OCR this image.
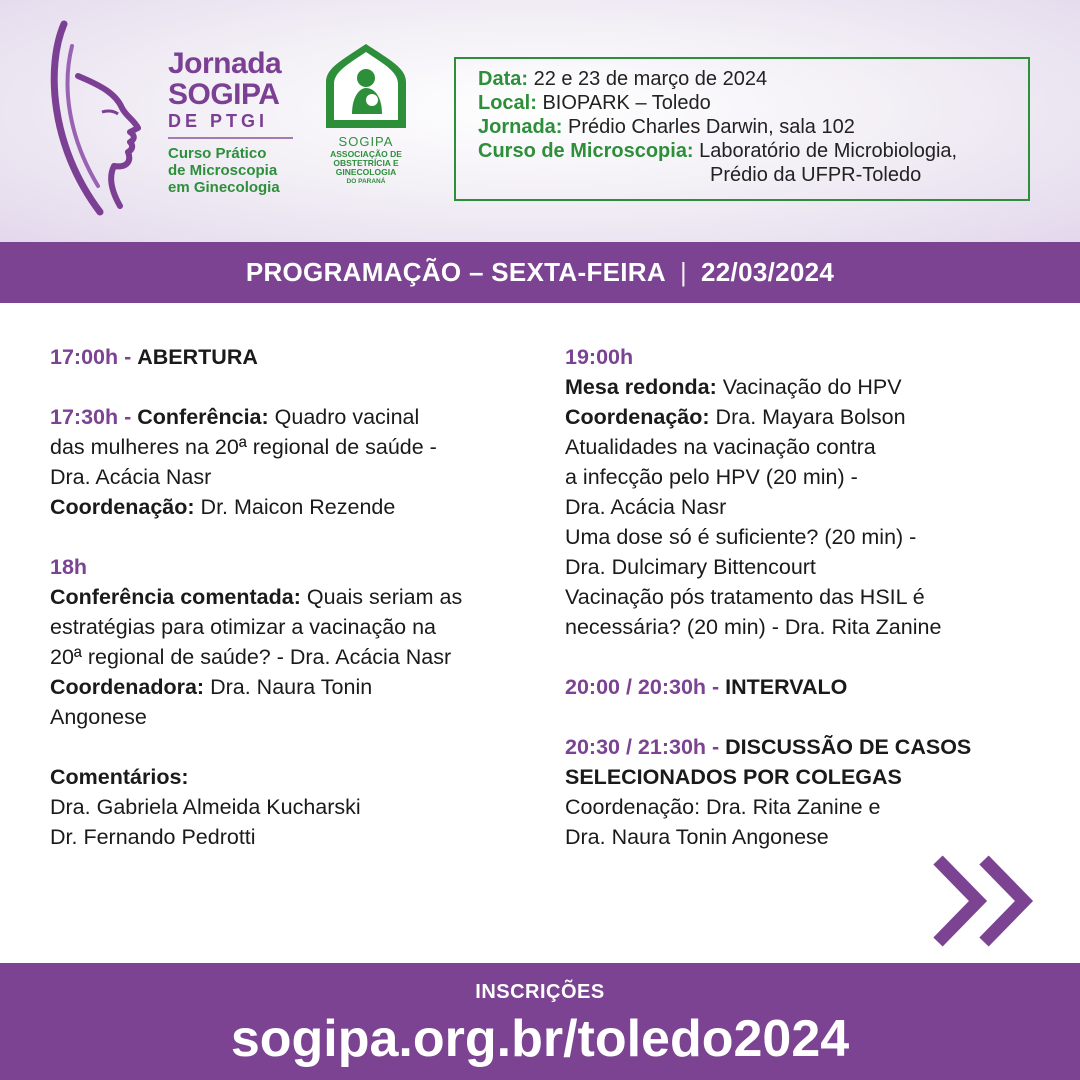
Jornada
SOGIPA
DE PTGI
Curso Prático
de Microscopia
em Ginecologia
SOGIPA
ASSOCIAÇÃO DE
OBSTETRÍCIA E
GINECOLOGIA
DO PARANÁ
Data: 22 e 23 de março de 2024
Local: BIOPARK – Toledo
Jornada: Prédio Charles Darwin, sala 102
Curso de Microscopia: Laboratório de Microbiologia,
Prédio da UFPR-Toledo
PROGRAMAÇÃO – SEXTA-FEIRA | 22/03/2024
17:00h - ABERTURA
17:30h - Conferência: Quadro vacinal
das mulheres na 20ª regional de saúde -
Dra. Acácia Nasr
Coordenação: Dr. Maicon Rezende
18h
Conferência comentada: Quais seriam as
estratégias para otimizar a vacinação na
20ª regional de saúde? - Dra. Acácia Nasr
Coordenadora: Dra. Naura Tonin
Angonese
Comentários:
Dra. Gabriela Almeida Kucharski
Dr. Fernando Pedrotti
19:00h
Mesa redonda: Vacinação do HPV
Coordenação: Dra. Mayara Bolson
Atualidades na vacinação contra
a infecção pelo HPV (20 min) -
Dra. Acácia Nasr
Uma dose só é suficiente? (20 min) -
Dra. Dulcimary Bittencourt
Vacinação pós tratamento das HSIL é
necessária? (20 min) - Dra. Rita Zanine
20:00 / 20:30h - INTERVALO
20:30 / 21:30h - DISCUSSÃO DE CASOS
SELECIONADOS POR COLEGAS
Coordenação: Dra. Rita Zanine e
Dra. Naura Tonin Angonese
INSCRIÇÕES
sogipa.org.br/toledo2024
